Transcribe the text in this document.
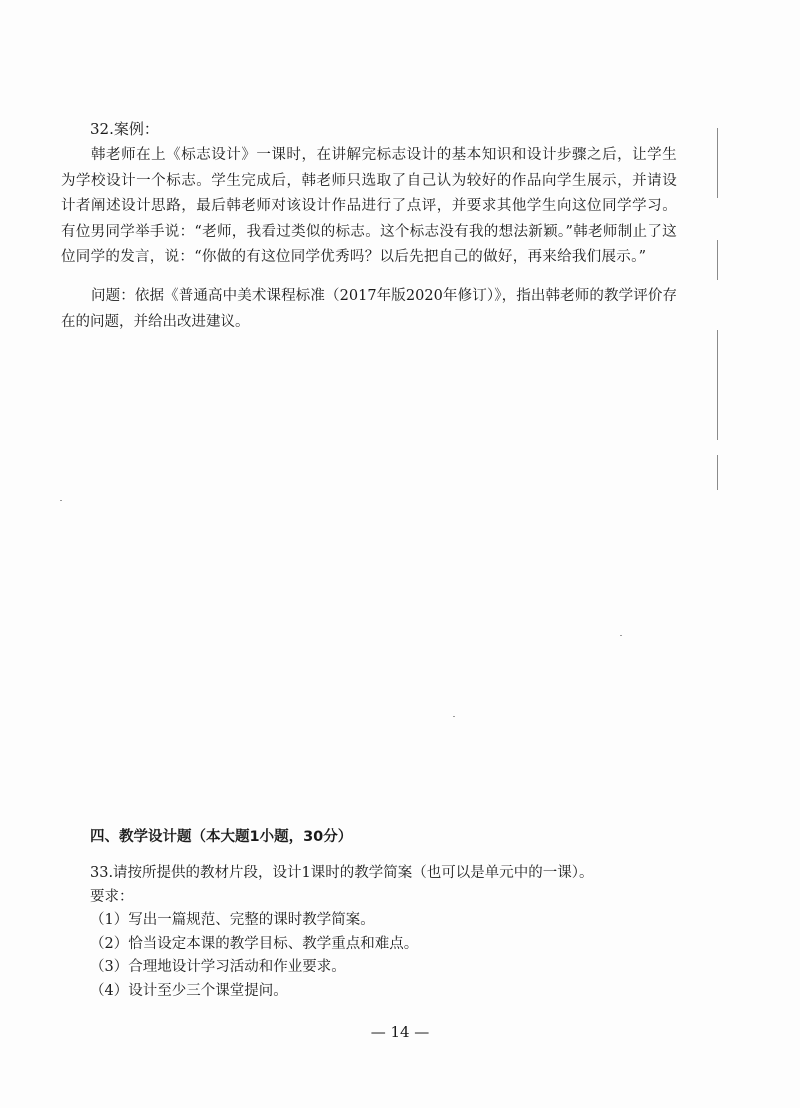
32.案例：
韩老师在上《标志设计》一课时，在讲解完标志设计的基本知识和设计步骤之后，让学生为学校设计一个标志。学生完成后，韩老师只选取了自己认为较好的作品向学生展示，并请设计者阐述设计思路，最后韩老师对该设计作品进行了点评，并要求其他学生向这位同学学习。有位男同学举手说：“老师，我看过类似的标志。这个标志没有我的想法新颖。”韩老师制止了这位同学的发言，说：“你做的有这位同学优秀吗？以后先把自己的做好，再来给我们展示。”
问题：依据《普通高中美术课程标准（2017年版2020年修订）》，指出韩老师的教学评价存在的问题，并给出改进建议。
四、教学设计题（本大题1小题，30分）
33.请按所提供的教材片段，设计1课时的教学简案（也可以是单元中的一课）。
要求：
（1）写出一篇规范、完整的课时教学简案。
（2）恰当设定本课的教学目标、教学重点和难点。
（3）合理地设计学习活动和作业要求。
（4）设计至少三个课堂提问。
— 14 —
